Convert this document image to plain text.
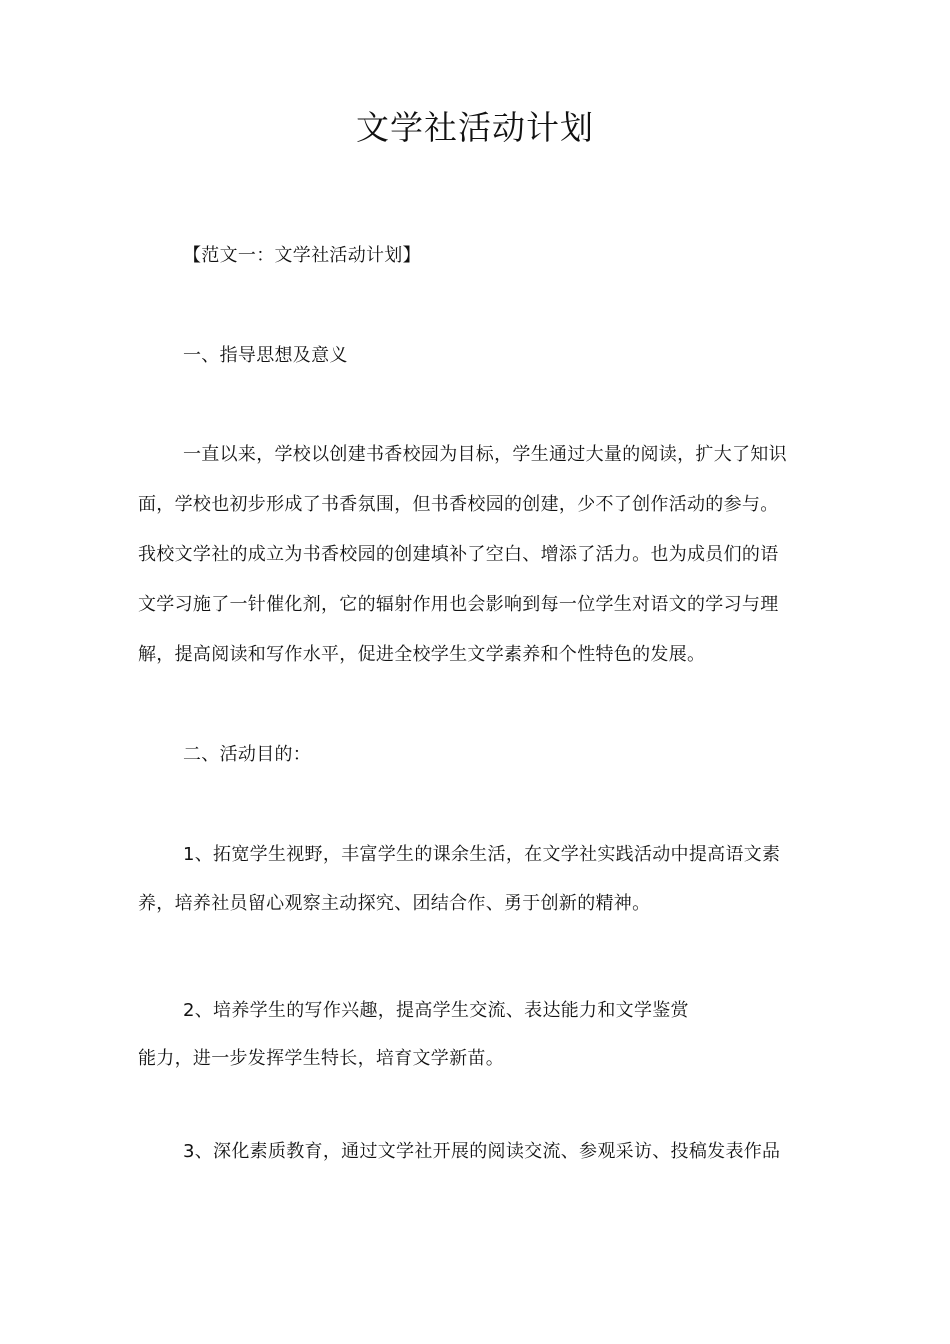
文学社活动计划
【范文一：文学社活动计划】
一、指导思想及意义
一直以来，学校以创建书香校园为目标，学生通过大量的阅读，扩大了知识
面，学校也初步形成了书香氛围，但书香校园的创建，少不了创作活动的参与。
我校文学社的成立为书香校园的创建填补了空白、增添了活力。也为成员们的语
文学习施了一针催化剂，它的辐射作用也会影响到每一位学生对语文的学习与理
解，提高阅读和写作水平，促进全校学生文学素养和个性特色的发展。
二、活动目的：
1、拓宽学生视野，丰富学生的课余生活，在文学社实践活动中提高语文素
养，培养社员留心观察主动探究、团结合作、勇于创新的精神。
2、培养学生的写作兴趣，提高学生交流、表达能力和文学鉴赏
能力，进一步发挥学生特长，培育文学新苗。
3、深化素质教育，通过文学社开展的阅读交流、参观采访、投稿发表作品
